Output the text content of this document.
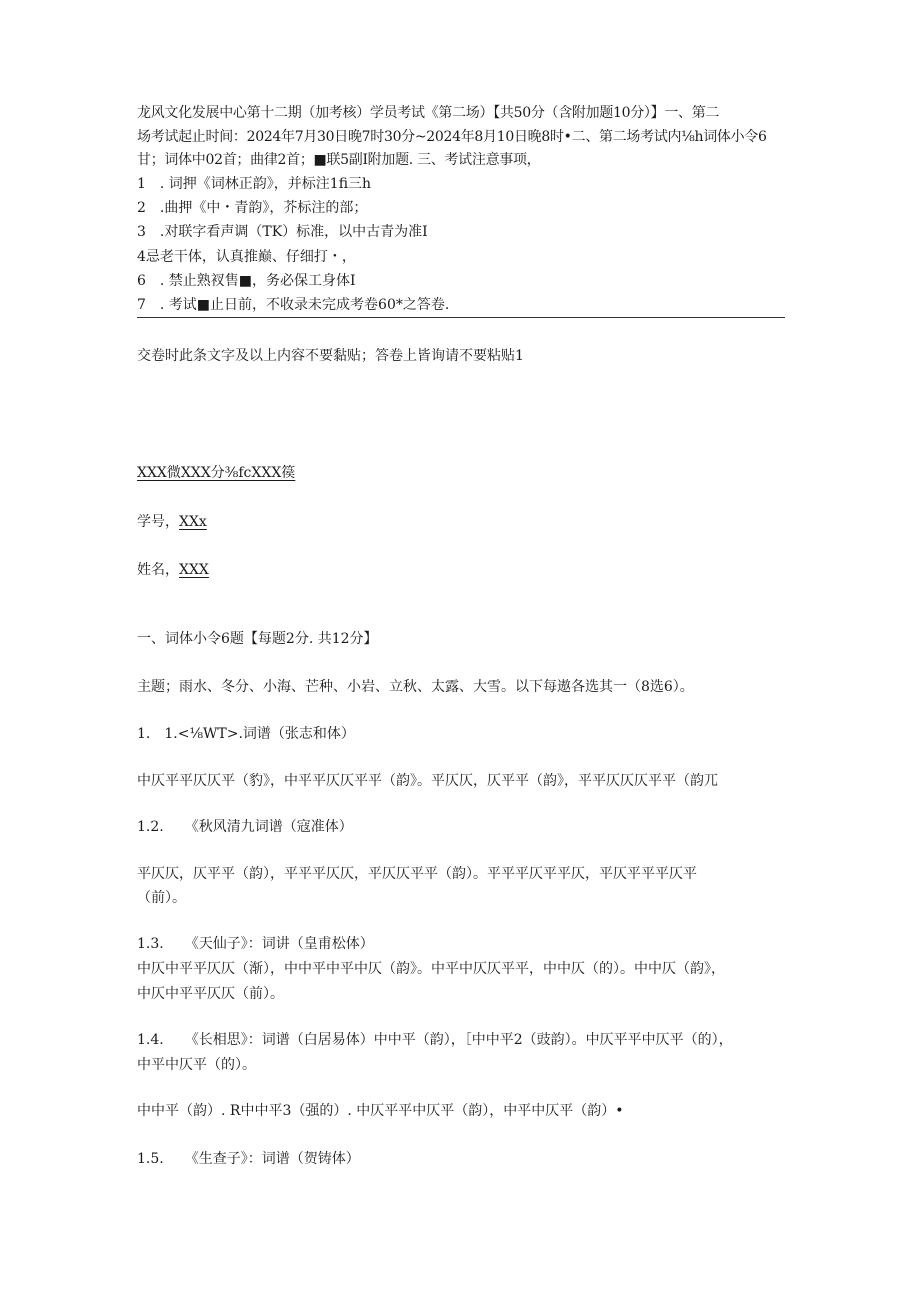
龙风文化发展中心第十二期（加考核）学员考试《第二场）【共50分（含附加题10分）】一、第二
场考试起止时间：2024年7月30日晚7时30分~2024年8月10日晚8时•二、第二场考试内⅛h词体小令6
甘；词体中02首；曲律2首；■联5副I附加题. 三、考试注意事项，
1　. 词押《词林正韵》，并标注1fi三h
2　.曲押《中・青韵》，芥标注的部；
3　.对联字看声调（TK）标准，以中古青为准I
4忌老干体，认真推巅、仔细打・，
6　. 禁止熟衩售■，务必保工身体I
7　. 考试■止日前，不收录未完成考卷60*之答卷.
交卷时此条文字及以上内容不要黏贴；答卷上皆询请不要粘贴1
XXX微XXX分⅜fcXXX篌
学号，XXx
姓名，XXX
一、词体小令6题【每题2分. 共12分】
主题；雨水、冬分、小海、芒种、小岩、立秋、太露、大雪。以下每遨各选其一（8选6）。
1.　1.<⅛WT>.词谱（张志和体）
中仄平平仄仄平（豹》，中平平仄仄平平（韵》。平仄仄，仄平平（韵》，平平仄仄仄平平（韵兀
1.2.　　《秋风清九词谱（寇准体）
平仄仄，仄平平（韵），平平平仄仄，平仄仄平平（韵）。平平平仄平平仄，平仄平平平仄平
（前）。
1.3.　　《天仙子》：词讲（皇甫松体）
中仄中平平仄仄（渐），中中平中平中仄（韵》。中平中仄仄平平，中中仄（的）。中中仄（韵》，
中仄中平平仄仄（前）。
1.4.　　《长相思》：词谱（白居易体）中中平（韵），［中中平2（豉韵）。中仄平平中仄平（的），
中平中仄平（的）。
中中平（韵）. R中中平3（强的）. 中仄平平中仄平（韵），中平中仄平（韵）•
1.5.　　《生查子》：词谱（贺铸体）
